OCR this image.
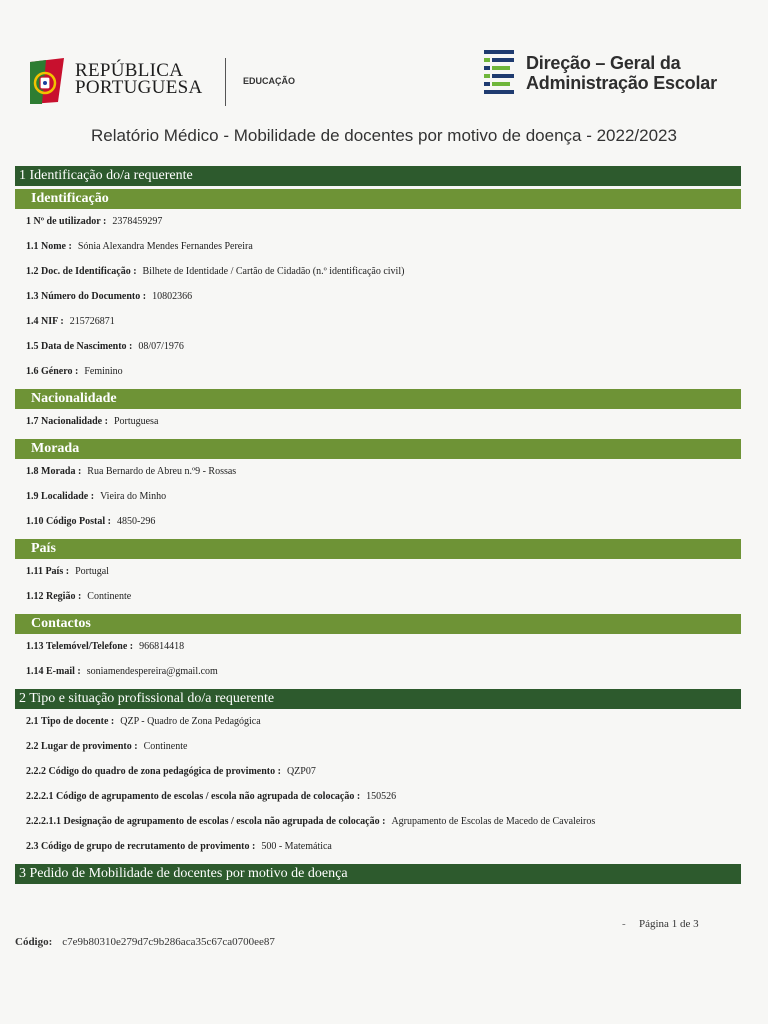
REPÚBLICA
PORTUGUESA	EDUCAÇÃO
Direção – Geral da
Administração Escolar
Relatório Médico - Mobilidade de docentes por motivo de doença - 2022/2023
1 Identificação do/a requerente
Identificação
1 Nº de utilizador : 2378459297
1.1 Nome : Sónia Alexandra Mendes Fernandes Pereira
1.2 Doc. de Identificação : Bilhete de Identidade / Cartão de Cidadão (n.º identificação civil)
1.3 Número do Documento : 10802366
1.4 NIF : 215726871
1.5 Data de Nascimento : 08/07/1976
1.6 Género : Feminino
Nacionalidade
1.7 Nacionalidade : Portuguesa
Morada
1.8 Morada : Rua Bernardo de Abreu n.º9 - Rossas
1.9 Localidade : Vieira do Minho
1.10 Código Postal : 4850-296
País
1.11 País : Portugal
1.12 Região : Continente
Contactos
1.13 Telemóvel/Telefone : 966814418
1.14 E-mail : soniamendespereira@gmail.com
2 Tipo e situação profissional do/a requerente
2.1 Tipo de docente : QZP - Quadro de Zona Pedagógica
2.2 Lugar de provimento : Continente
2.2.2 Código do quadro de zona pedagógica de provimento : QZP07
2.2.2.1 Código de agrupamento de escolas / escola não agrupada de colocação : 150526
2.2.2.1.1 Designação de agrupamento de escolas / escola não agrupada de colocação : Agrupamento de Escolas de Macedo de Cavaleiros
2.3 Código de grupo de recrutamento de provimento : 500 - Matemática
3 Pedido de Mobilidade de docentes por motivo de doença
- Página 1 de 3
Código: c7e9b80310e279d7c9b286aca35c67ca0700ee87
